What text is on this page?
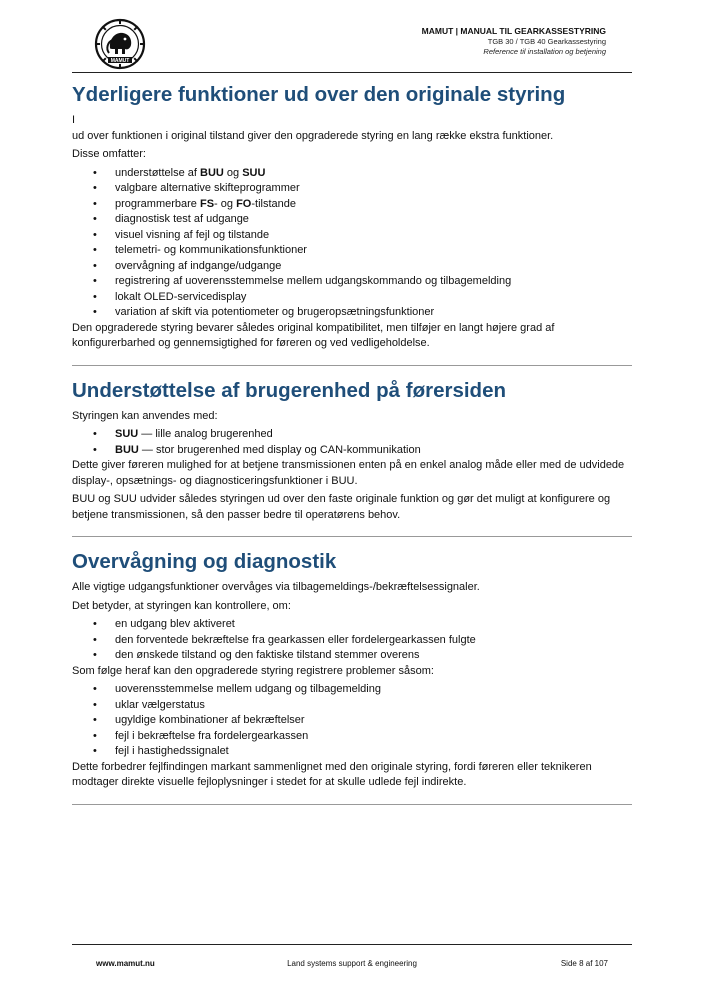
MAMUT
MAMUT | MANUAL TIL GEARKASSESTYRING
TGB 30 / TGB 40 Gearkassestyring
Reference til installation og betjening
Yderligere funktioner ud over den originale styring

I

ud over funktionen i original tilstand giver den opgraderede styring en lang række ekstra funktioner.

Disse omfatter:

• understøttelse af BUU og SUU
• valgbare alternative skifteprogrammer
• programmerbare FS- og FO-tilstande
• diagnostisk test af udgange
• visuel visning af fejl og tilstande
• telemetri- og kommunikationsfunktioner
• overvågning af indgange/udgange
• registrering af uoverensstemmelse mellem udgangskommando og tilbagemelding
• lokalt OLED-servicedisplay
• variation af skift via potentiometer og brugeropsætningsfunktioner

Den opgraderede styring bevarer således original kompatibilitet, men tilføjer en langt højere grad af konfigurerbarhed og gennemsigtighed for føreren og ved vedligeholdelse.

Understøttelse af brugerenhed på førersiden

Styringen kan anvendes med:

• SUU — lille analog brugerenhed
• BUU — stor brugerenhed med display og CAN-kommunikation

Dette giver føreren mulighed for at betjene transmissionen enten på en enkel analog måde eller med de udvidede display-, opsætnings- og diagnosticeringsfunktioner i BUU.

BUU og SUU udvider således styringen ud over den faste originale funktion og gør det muligt at konfigurere og betjene transmissionen, så den passer bedre til operatørens behov.

Overvågning og diagnostik

Alle vigtige udgangsfunktioner overvåges via tilbagemeldings-/bekræftelsessignaler.

Det betyder, at styringen kan kontrollere, om:

• en udgang blev aktiveret
• den forventede bekræftelse fra gearkassen eller fordelergearkassen fulgte
• den ønskede tilstand og den faktiske tilstand stemmer overens

Som følge heraf kan den opgraderede styring registrere problemer såsom:

• uoverensstemmelse mellem udgang og tilbagemelding
• uklar vælgerstatus
• ugyldige kombinationer af bekræftelser
• fejl i bekræftelse fra fordelergearkassen
• fejl i hastighedssignalet

Dette forbedrer fejlfindingen markant sammenlignet med den originale styring, fordi føreren eller teknikeren modtager direkte visuelle fejloplysninger i stedet for at skulle udlede fejl indirekte.

www.mamut.nu	Land systems support & engineering	Side 8 af 107
